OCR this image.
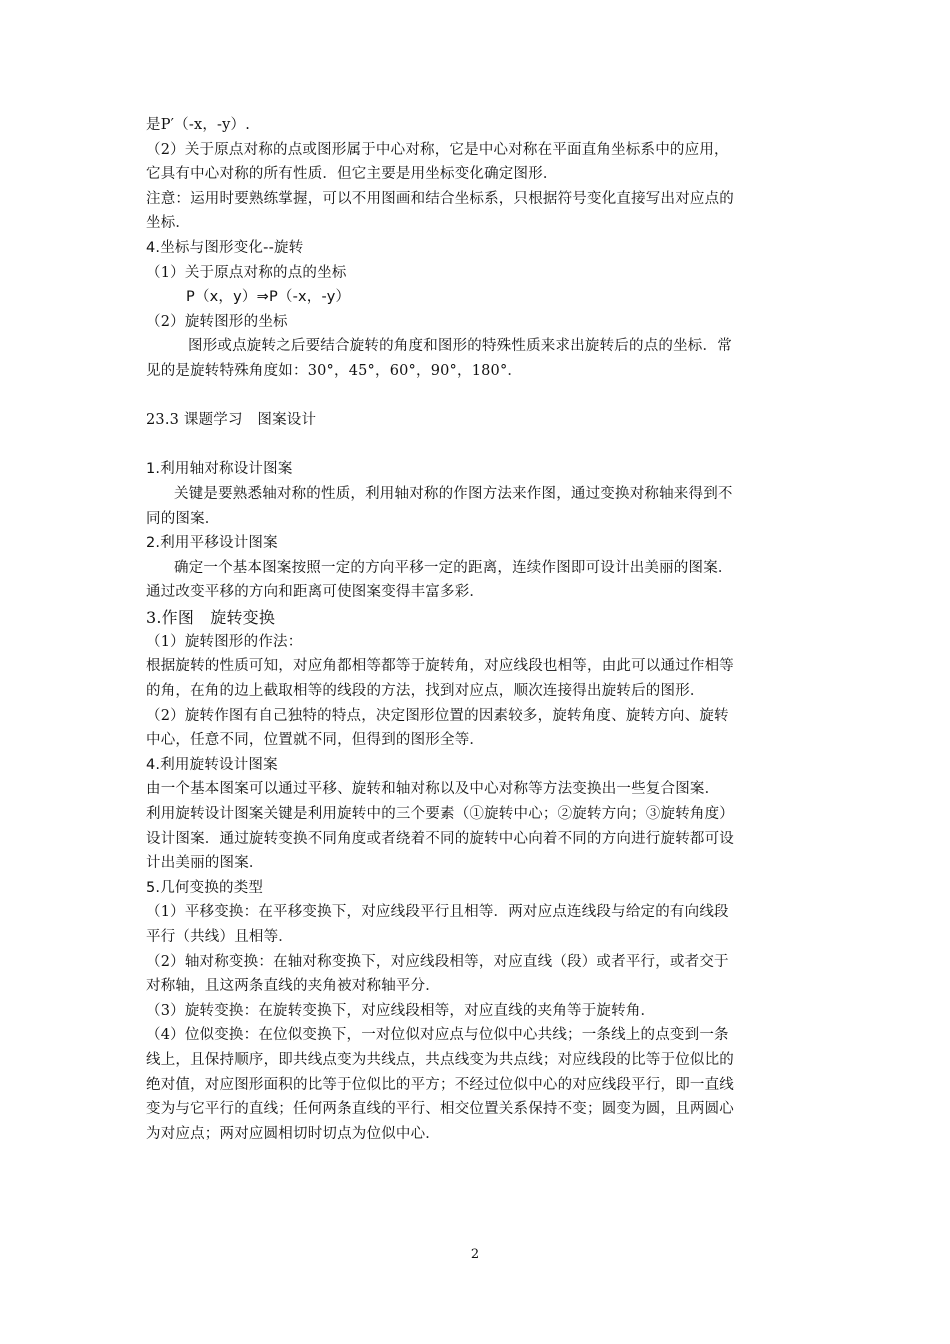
是P′（-x，-y）.
（2）关于原点对称的点或图形属于中心对称，它是中心对称在平面直角坐标系中的应用，
它具有中心对称的所有性质．但它主要是用坐标变化确定图形．
注意：运用时要熟练掌握，可以不用图画和结合坐标系，只根据符号变化直接写出对应点的
坐标．
4.坐标与图形变化--旋转
（1）关于原点对称的点的坐标
P（x，y）⇒P（-x，-y）
（2）旋转图形的坐标
图形或点旋转之后要结合旋转的角度和图形的特殊性质来求出旋转后的点的坐标．常
见的是旋转特殊角度如：30°，45°，60°，90°，180°．
23.3 课题学习　图案设计
1.利用轴对称设计图案
关键是要熟悉轴对称的性质，利用轴对称的作图方法来作图，通过变换对称轴来得到不
同的图案．
2.利用平移设计图案
确定一个基本图案按照一定的方向平移一定的距离，连续作图即可设计出美丽的图案．
通过改变平移的方向和距离可使图案变得丰富多彩．
3.作图　旋转变换
（1）旋转图形的作法：
根据旋转的性质可知，对应角都相等都等于旋转角，对应线段也相等，由此可以通过作相等
的角，在角的边上截取相等的线段的方法，找到对应点，顺次连接得出旋转后的图形．
（2）旋转作图有自己独特的特点，决定图形位置的因素较多，旋转角度、旋转方向、旋转
中心，任意不同，位置就不同，但得到的图形全等．
4.利用旋转设计图案
由一个基本图案可以通过平移、旋转和轴对称以及中心对称等方法变换出一些复合图案．
利用旋转设计图案关键是利用旋转中的三个要素（①旋转中心；②旋转方向；③旋转角度）
设计图案．通过旋转变换不同角度或者绕着不同的旋转中心向着不同的方向进行旋转都可设
计出美丽的图案．
5.几何变换的类型
（1）平移变换：在平移变换下，对应线段平行且相等．两对应点连线段与给定的有向线段
平行（共线）且相等．
（2）轴对称变换：在轴对称变换下，对应线段相等，对应直线（段）或者平行，或者交于
对称轴，且这两条直线的夹角被对称轴平分．
（3）旋转变换：在旋转变换下，对应线段相等，对应直线的夹角等于旋转角．
（4）位似变换：在位似变换下，一对位似对应点与位似中心共线；一条线上的点变到一条
线上，且保持顺序，即共线点变为共线点，共点线变为共点线；对应线段的比等于位似比的
绝对值，对应图形面积的比等于位似比的平方；不经过位似中心的对应线段平行，即一直线
变为与它平行的直线；任何两条直线的平行、相交位置关系保持不变；圆变为圆，且两圆心
为对应点；两对应圆相切时切点为位似中心．
2
